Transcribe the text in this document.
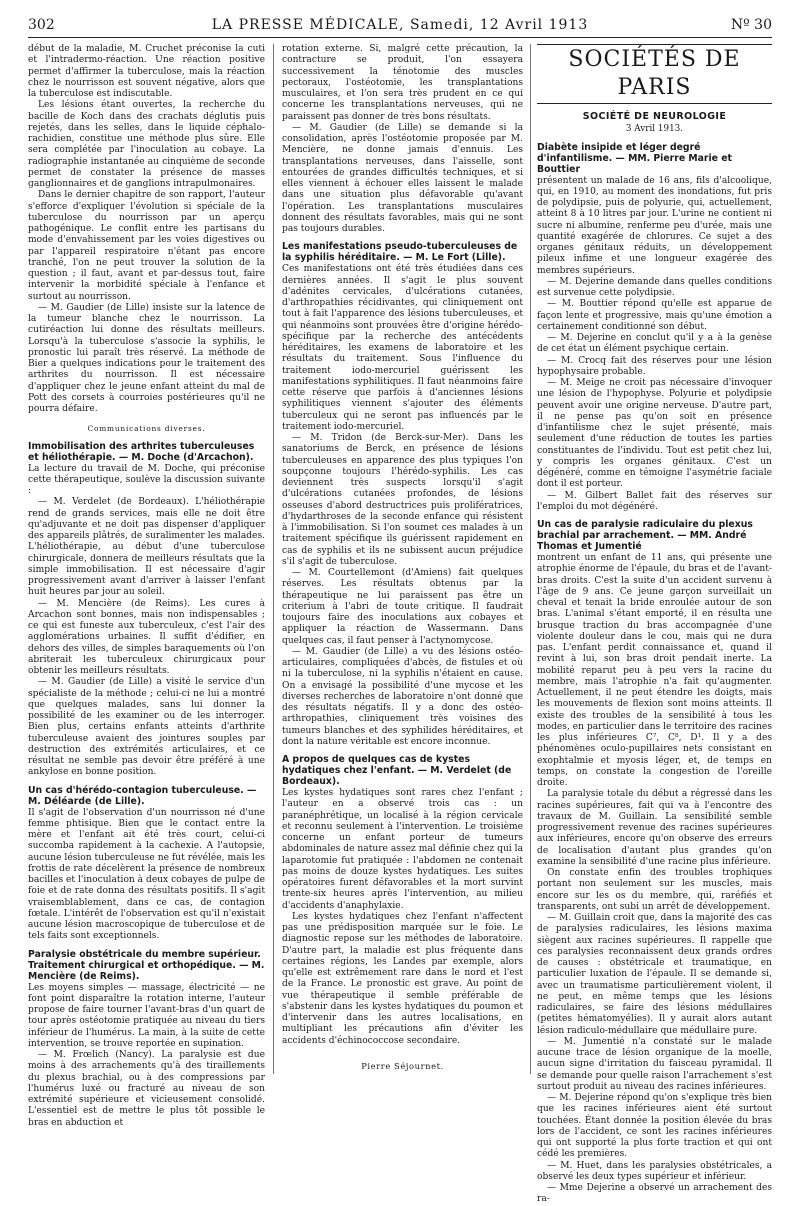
302	LA PRESSE MÉDICALE, Samedi, 12 Avril 1913	Nº 30

début de la maladie, M. Cruchet préconise la cuti et l'intradermo-réaction. Une réaction positive permet d'affirmer la tuberculose, mais la réaction chez le nourrisson est souvent négative, alors que la tuberculose est indiscutable.

Les lésions étant ouvertes, la recherche du bacille de Koch dans des crachats déglutis puis rejetés, dans les selles, dans le liquide céphalo-rachidien, constitue une méthode plus sûre. Elle sera complétée par l'inoculation au cobaye. La radiographie instantanée au cinquième de seconde permet de constater la présence de masses ganglionnaires et de ganglions intrapulmonaires.

Dans le dernier chapitre de son rapport, l'auteur s'efforce d'expliquer l'évolution si spéciale de la tuberculose du nourrisson par un aperçu pathogénique. Le conflit entre les partisans du mode d'envahissement par les voies digestives ou par l'appareil respiratoire n'étant pas encore tranché, l'on ne peut trouver la solution de la question ; il faut, avant et par-dessus tout, faire intervenir la morbidité spéciale à l'enfance et surtout au nourrisson.

— M. Gaudier (de Lille) insiste sur la latence de la tumeur blanche chez le nourrisson. La cutiréaction lui donne des résultats meilleurs. Lorsqu'à la tuberculose s'associe la syphilis, le pronostic lui paraît très réservé. La méthode de Bier a quelques indications pour le traitement des arthrites du nourrisson. Il est nécessaire d'appliquer chez le jeune enfant atteint du mal de Pott des corsets à courroies postérieures qu'il ne pourra défaire.

Communications diverses.
Immobilisation des arthrites tuberculeuses et héliothérapie. — M. Doche (d'Arcachon).

La lecture du travail de M. Doche, qui préconise cette thérapeutique, soulève la discussion suivante :

— M. Verdelet (de Bordeaux). L'héliothérapie rend de grands services, mais elle ne doit être qu'adjuvante et ne doit pas dispenser d'appliquer des appareils plâtrés, de suralimenter les malades. L'héliothérapie, au début d'une tuberculose chirurgicale, donnera de meilleurs résultats que la simple immobilisation. Il est nécessaire d'agir progressivement avant d'arriver à laisser l'enfant huit heures par jour au soleil.

— M. Mencière (de Reims). Les cures à Arcachon sont bonnes, mais non indispensables ; ce qui est funeste aux tuberculeux, c'est l'air des agglomérations urbaines. Il suffit d'édifier, en dehors des villes, de simples baraquements où l'on abriterait les tuberculeux chirurgicaux pour obtenir les meilleurs résultats.

— M. Gaudier (de Lille) a visité le service d'un spécialiste de la méthode ; celui-ci ne lui a montré que quelques malades, sans lui donner la possibilité de les examiner ou de les interroger. Bien plus, certains enfants atteints d'arthrite tuberculeuse avaient des jointures souples par destruction des extrémités articulaires, et ce résultat ne semble pas devoir être préféré à une ankylose en bonne position.

Un cas d'hérédo-contagion tuberculeuse. — M. Déléarde (de Lille).

Il s'agit de l'observation d'un nourrisson né d'une femme phtisique. Bien que le contact entre la mère et l'enfant ait été très court, celui-ci succomba rapidement à la cachexie. A l'autopsie, aucune lésion tuberculeuse ne fut révélée, mais les frottis de rate décelèrent la présence de nombreux bacilles et l'inoculation à deux cobayes de pulpe de foie et de rate donna des résultats positifs. Il s'agit vraisemblablement, dans ce cas, de contagion fœtale. L'intérêt de l'observation est qu'il n'existait aucune lésion macroscopique de tuberculose et de tels faits sont exceptionnels.

Paralysie obstétricale du membre supérieur. Traitement chirurgical et orthopédique. — M. Mencière (de Reims).

Les moyens simples — massage, électricité — ne font point disparaître la rotation interne, l'auteur propose de faire tourner l'avant-bras d'un quart de tour après ostéotomie pratiquée au niveau du tiers inférieur de l'humérus. La main, à la suite de cette intervention, se trouve reportée en supination.

— M. Frœlich (Nancy). La paralysie est due moins à des arrachements qu'à des tiraillements du plexus brachial, ou à des compressions par l'humérus luxé ou fracturé au niveau de son extrémité supérieure et vicieusement consolidé. L'essentiel est de mettre le plus tôt possible le bras en abduction et

rotation externe. Si, malgré cette précaution, la contracture se produit, l'on essayera successivement la ténotomie des muscles pectoraux, l'ostéotomie, les transplantations musculaires, et l'on sera très prudent en ce qui concerne les transplantations nerveuses, qui ne paraissent pas donner de très bons résultats.

— M. Gaudier (de Lille) se demande si la consolidation, après l'ostéotomie proposée par M. Mencière, ne donne jamais d'ennuis. Les transplantations nerveuses, dans l'aisselle, sont entourées de grandes difficultés techniques, et si elles viennent à échouer elles laissent le malade dans une situation plus défavorable qu'avant l'opération. Les transplantations musculaires donnent des résultats favorables, mais qui ne sont pas toujours durables.

Les manifestations pseudo-tuberculeuses de la syphilis héréditaire. — M. Le Fort (Lille).

Ces manifestations ont été très étudiées dans ces dernières années. Il s'agit le plus souvent d'adénites cervicales, d'ulcérations cutanées, d'arthropathies récidivantes, qui cliniquement ont tout à fait l'apparence des lésions tuberculeuses, et qui néanmoins sont prouvées être d'origine hérédo-spécifique par la recherche des antécédents héréditaires, les examens de laboratoire et les résultats du traitement. Sous l'influence du traitement iodo-mercuriel guérissent les manifestations syphilitiques. Il faut néanmoins faire cette réserve que parfois à d'anciennes lésions syphilitiques viennent s'ajouter des éléments tuberculeux qui ne seront pas influencés par le traitement iodo-mercuriel.

— M. Tridon (de Berck-sur-Mer). Dans les sanatoriums de Berck, en présence de lésions tuberculeuses en apparence des plus typiques l'on soupçonne toujours l'hérédo-syphilis. Les cas deviennent très suspects lorsqu'il s'agit d'ulcérations cutanées profondes, de lésions osseuses d'abord destructrices puis prolifératrices, d'hydarthroses de la seconde enfance qui résistent à l'immobilisation. Si l'on soumet ces malades à un traitement spécifique ils guérissent rapidement en cas de syphilis et ils ne subissent aucun préjudice s'il s'agit de tuberculose.

— M. Courtellemont (d'Amiens) fait quelques réserves. Les résultats obtenus par la thérapeutique ne lui paraissent pas être un criterium à l'abri de toute critique. Il faudrait toujours faire des inoculations aux cobayes et appliquer la réaction de Wassermann. Dans quelques cas, il faut penser à l'actynomycose.

— M. Gaudier (de Lille) a vu des lésions ostéo-articulaires, compliquées d'abcès, de fistules et où ni la tuberculose, ni la syphilis n'étaient en cause. On a envisagé la possibilité d'une mycose et les diverses recherches de laboratoire n'ont donné que des résultats négatifs. Il y a donc des ostéo-arthropathies, cliniquement très voisines des tumeurs blanches et des syphilides héréditaires, et dont la nature véritable est encore inconnue.

A propos de quelques cas de kystes hydatiques chez l'enfant. — M. Verdelet (de Bordeaux).

Les kystes hydatiques sont rares chez l'enfant ; l'auteur en a observé trois cas : un paranéphrétique, un localisé à la région cervicale et reconnu seulement à l'intervention. Le troisième concerne un enfant porteur de tumeurs abdominales de nature assez mal définie chez qui la laparotomie fut pratiquée : l'abdomen ne contenait pas moins de douze kystes hydatiques. Les suites opératoires furent défavorables et la mort survint trente-six heures après l'intervention, au milieu d'accidents d'anaphylaxie.

Les kystes hydatiques chez l'enfant n'affectent pas une prédisposition marquée sur le foie. Le diagnostic repose sur les méthodes de laboratoire. D'autre part, la maladie est plus fréquente dans certaines régions, les Landes par exemple, alors qu'elle est extrêmement rare dans le nord et l'est de la France. Le pronostic est grave. Au point de vue thérapeutique il semble préférable de s'abstenir dans les kystes hydatiques du poumon et d'intervenir dans les autres localisations, en multipliant les précautions afin d'éviter les accidents d'échinococcose secondaire.

Pierre Séjournet.
SOCIÉTÉS DE PARIS
SOCIÉTÉ DE NEUROLOGIE
3 Avril 1913.
Diabète insipide et léger degré d'infantilisme. — MM. Pierre Marie et Bouttier

présentent un malade de 16 ans, fils d'alcoolique, qui, en 1910, au moment des inondations, fut pris de polydipsie, puis de polyurie, qui, actuellement, atteint 8 à 10 litres par jour. L'urine ne contient ni sucre ni albumine, renferme peu d'urée, mais une quantité exagérée de chlorures. Ce sujet a des organes génitaux réduits, un développement pileux infime et une longueur exagérée des membres supérieurs.

— M. Dejerine demande dans quelles conditions est survenue cette polydipsie.

— M. Bouttier répond qu'elle est apparue de façon lente et progressive, mais qu'une émotion a certainement conditionné son début.

— M. Dejerine en conclut qu'il y a à la genèse de cet état un élément psychique certain.

— M. Crocq fait des réserves pour une lésion hypophysaire probable.

— M. Meige ne croit pas nécessaire d'invoquer une lésion de l'hypophyse. Polyurie et polydipsie peuvent avoir une origine nerveuse. D'autre part, il ne pense pas qu'on soit en présence d'infantilisme chez le sujet présenté, mais seulement d'une réduction de toutes les parties constituantes de l'individu. Tout est petit chez lui, y compris les organes génitaux. C'est un dégénéré, comme en témoigne l'asymétrie faciale dont il est porteur.

— M. Gilbert Ballet fait des réserves sur l'emploi du mot dégénéré.

Un cas de paralysie radiculaire du plexus brachial par arrachement. — MM. André Thomas et Jumentié

montrent un enfant de 11 ans, qui présente une atrophie énorme de l'épaule, du bras et de l'avant-bras droits. C'est la suite d'un accident survenu à l'âge de 9 ans. Ce jeune garçon surveillait un cheval et tenait la bride enroulée autour de son bras. L'animal s'étant emporté, il en résulta une brusque traction du bras accompagnée d'une violente douleur dans le cou, mais qui ne dura pas. L'enfant perdit connaissance et, quand il revint à lui, son bras droit pendait inerte. La mobilité reparut peu à peu vers la racine du membre, mais l'atrophie n'a fait qu'augmenter. Actuellement, il ne peut étendre les doigts, mais les mouvements de flexion sont moins atteints. Il existe des troubles de la sensibilité à tous les modes, en particulier dans le territoire des racines les plus inférieures C⁷, C⁸, D¹. Il y a des phénomènes oculo-pupillaires nets consistant en exophtalmie et myosis léger, et, de temps en temps, on constate la congestion de l'oreille droite.

La paralysie totale du début a régressé dans les racines supérieures, fait qui va à l'encontre des travaux de M. Guillain. La sensibilité semble progressivement revenue des racines supérieures aux inférieures, encore qu'on observe des erreurs de localisation d'autant plus grandes qu'on examine la sensibilité d'une racine plus inférieure.

On constate enfin des troubles trophiques portant non seulement sur les muscles, mais encore sur les os du membre, qui, raréfiés et transparents, ont subi un arrêt de développement.

— M. Guillain croit que, dans la majorité des cas de paralysies radiculaires, les lésions maxima siègent aux racines supérieures. Il rappelle que ces paralysies reconnaissent deux grands ordres de causes : obstétricale et traumatique, en particulier luxation de l'épaule. Il se demande si, avec un traumatisme particulièrement violent, il ne peut, en même temps que les lésions radiculaires, se faire des lésions médullaires (petites hématomyélies). Il y aurait alors autant lésion radiculo-médullaire que médullaire pure.

— M. Jumentié n'a constaté sur le malade aucune trace de lésion organique de la moelle, aucun signe d'irritation du faisceau pyramidal. Il se demande pour quelle raison l'arrachement s'est surtout produit au niveau des racines inférieures.

— M. Dejerine répond qu'on s'explique très bien que les racines inférieures aient été surtout touchées. Étant donnée la position élevée du bras lors de l'accident, ce sont les racines inférieures qui ont supporté la plus forte traction et qui ont cédé les premières.

— M. Huet, dans les paralysies obstétricales, a observé les deux types supérieur et inférieur.

— Mme Dejerine a observé un arrachement des ra-
